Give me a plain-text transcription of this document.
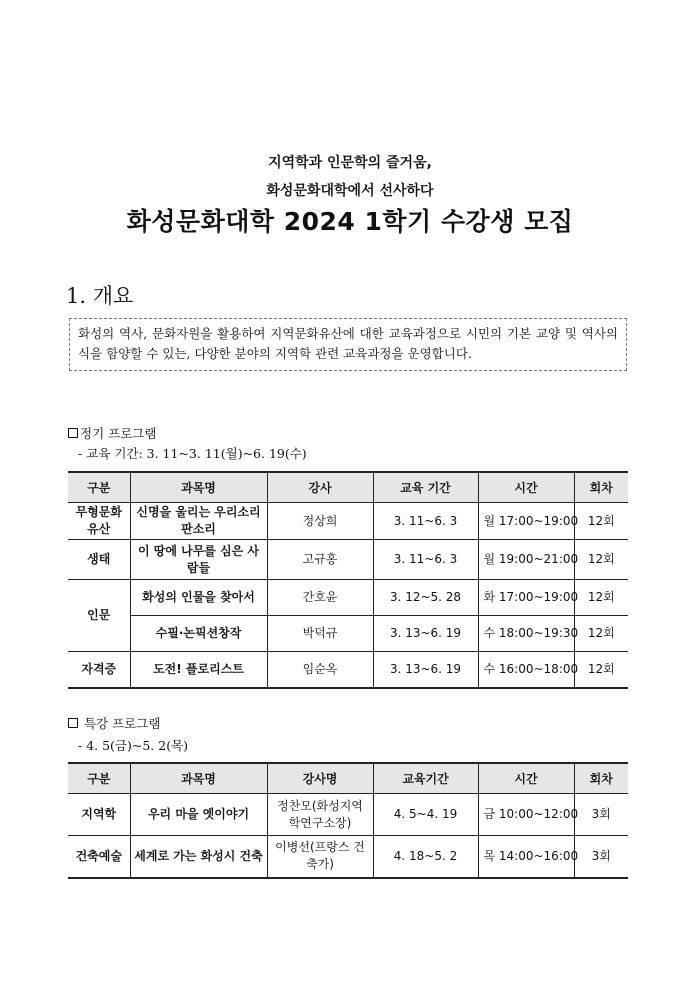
지역학과 인문학의 즐거움,
화성문화대학에서 선사하다
화성문화대학 2024 1학기 수강생 모집
1. 개요
화성의 역사, 문화자원을 활용하여 지역문화유산에 대한 교육과정으로 시민의 기본 교양 및 역사의식을 함양할 수 있는, 다양한 분야의 지역학 관련 교육과정을 운영합니다.
정기 프로그램
- 교육 기간: 3. 11~3. 11(월)~6. 19(수)
구분	과목명	강사	교육 기간	시간	회차
무형문화 유산	신명을 울리는 우리소리 판소리	정상희	3. 11~6. 3	월 17:00~19:00	12회
생태	이 땅에 나무를 심은 사람들	고규홍	3. 11~6. 3	월 19:00~21:00	12회
인문	화성의 인물을 찾아서	간호윤	3. 12~5. 28	화 17:00~19:00	12회
	수필·논픽션창작	박덕규	3. 13~6. 19	수 18:00~19:30	12회
자격증	도전! 플로리스트	임순옥	3. 13~6. 19	수 16:00~18:00	12회
특강 프로그램
- 4. 5(금)~5. 2(목)
구분	과목명	강사명	교육기간	시간	회차
지역학	우리 마을 옛이야기	정찬모(화성지역 학연구소장)	4. 5~4. 19	금 10:00~12:00	3회
건축예술	세계로 가는 화성시 건축	이병선(프랑스 건축가)	4. 18~5. 2	목 14:00~16:00	3회
